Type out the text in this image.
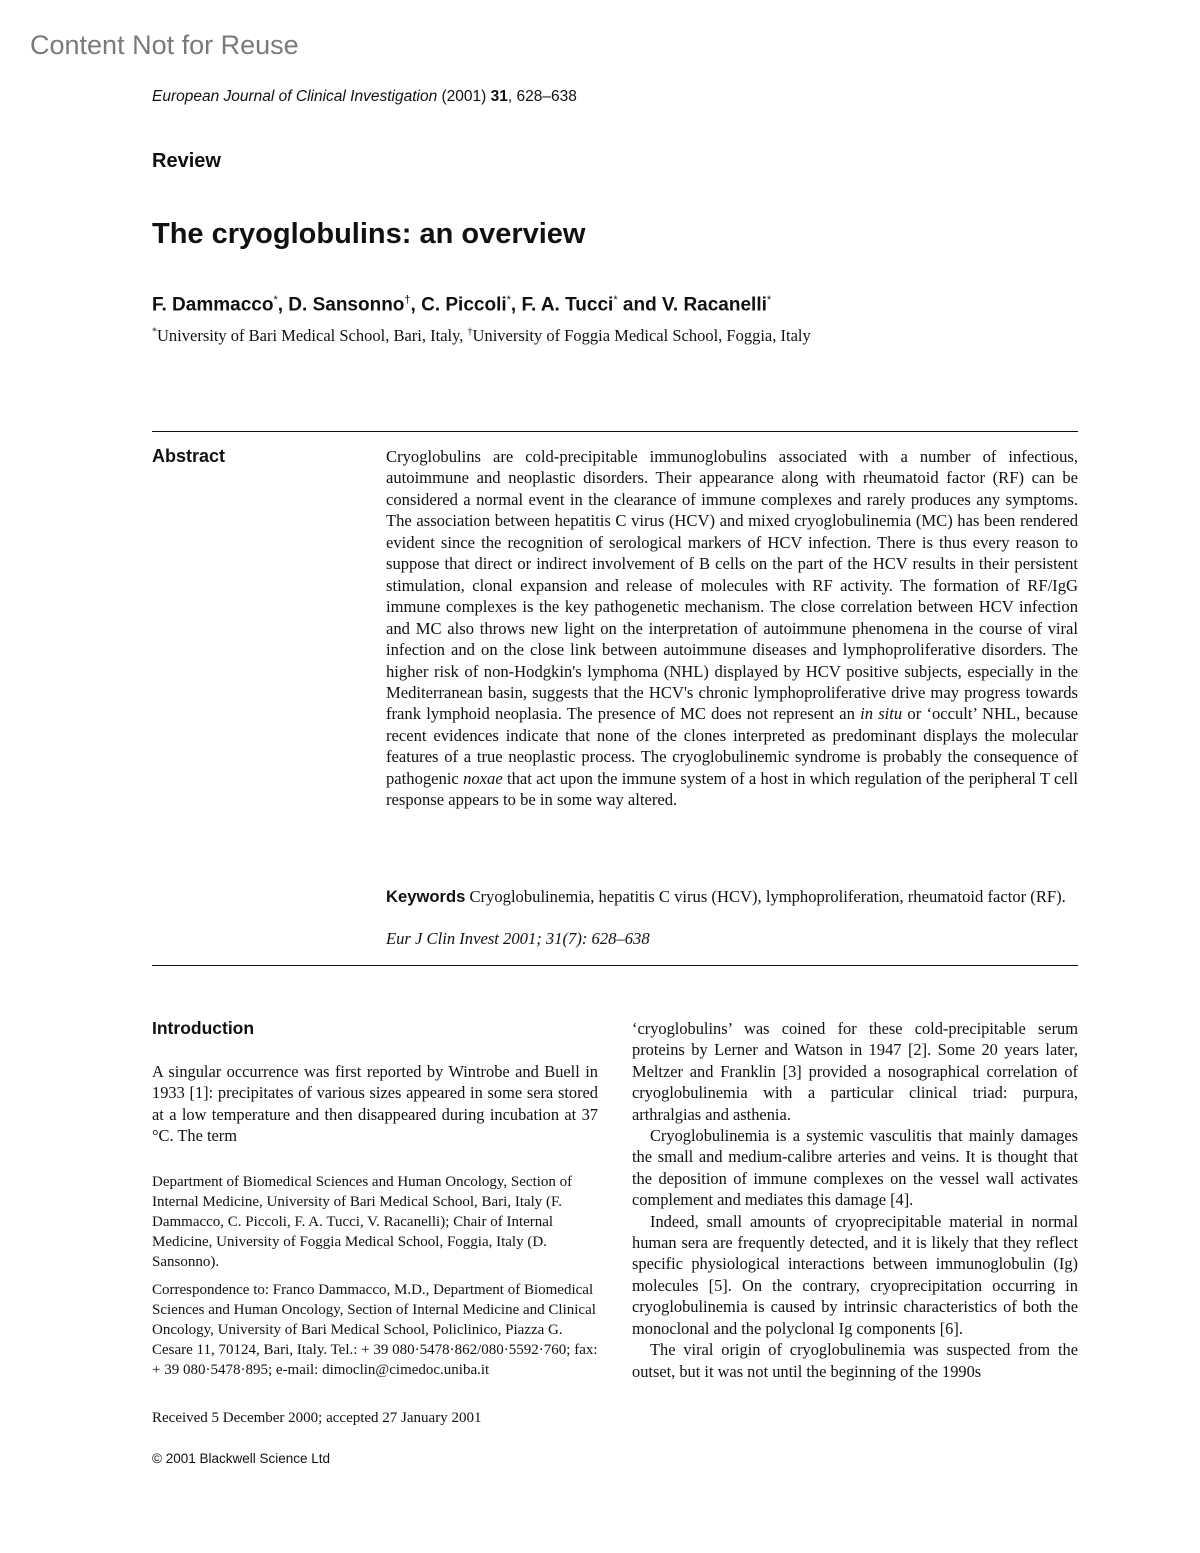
Content Not for Reuse
European Journal of Clinical Investigation (2001) 31, 628–638
Review
The cryoglobulins: an overview
F. Dammacco*, D. Sansonno†, C. Piccoli*, F. A. Tucci* and V. Racanelli*
*University of Bari Medical School, Bari, Italy, †University of Foggia Medical School, Foggia, Italy
Abstract	Cryoglobulins are cold-precipitable immunoglobulins associated with a number of infectious, autoimmune and neoplastic disorders. Their appearance along with rheumatoid factor (RF) can be considered a normal event in the clearance of immune complexes and rarely produces any symptoms. The association between hepatitis C virus (HCV) and mixed cryoglobulinemia (MC) has been rendered evident since the recognition of serological markers of HCV infection. There is thus every reason to suppose that direct or indirect involvement of B cells on the part of the HCV results in their persistent stimulation, clonal expansion and release of molecules with RF activity. The formation of RF/IgG immune complexes is the key pathogenetic mechanism. The close correlation between HCV infection and MC also throws new light on the interpretation of autoimmune phenomena in the course of viral infection and on the close link between autoimmune diseases and lymphoproliferative disorders. The higher risk of non-Hodgkin's lymphoma (NHL) displayed by HCV positive subjects, especially in the Mediterranean basin, suggests that the HCV's chronic lymphoproliferative drive may progress towards frank lymphoid neoplasia. The presence of MC does not represent an in situ or ‘occult’ NHL, because recent evidences indicate that none of the clones interpreted as predominant displays the molecular features of a true neoplastic process. The cryoglobulinemic syndrome is probably the consequence of pathogenic noxae that act upon the immune system of a host in which regulation of the peripheral T cell response appears to be in some way altered.

Keywords Cryoglobulinemia, hepatitis C virus (HCV), lymphoproliferation, rheumatoid factor (RF).

Eur J Clin Invest 2001; 31(7): 628–638
Introduction

A singular occurrence was first reported by Wintrobe and Buell in 1933 [1]: precipitates of various sizes appeared in some sera stored at a low temperature and then disappeared during incubation at 37 °C. The term

‘cryoglobulins’ was coined for these cold-precipitable serum proteins by Lerner and Watson in 1947 [2]. Some 20 years later, Meltzer and Franklin [3] provided a nosographical correlation of cryoglobulinemia with a particular clinical triad: purpura, arthralgias and asthenia.

Cryoglobulinemia is a systemic vasculitis that mainly damages the small and medium-calibre arteries and veins. It is thought that the deposition of immune complexes on the vessel wall activates complement and mediates this damage [4].

Indeed, small amounts of cryoprecipitable material in normal human sera are frequently detected, and it is likely that they reflect specific physiological interactions between immunoglobulin (Ig) molecules [5]. On the contrary, cryoprecipitation occurring in cryoglobulinemia is caused by intrinsic characteristics of both the monoclonal and the polyclonal Ig components [6].

The viral origin of cryoglobulinemia was suspected from the outset, but it was not until the beginning of the 1990s

Department of Biomedical Sciences and Human Oncology, Section of Internal Medicine, University of Bari Medical School, Bari, Italy (F. Dammacco, C. Piccoli, F. A. Tucci, V. Racanelli); Chair of Internal Medicine, University of Foggia Medical School, Foggia, Italy (D. Sansonno).

Correspondence to: Franco Dammacco, M.D., Department of Biomedical Sciences and Human Oncology, Section of Internal Medicine and Clinical Oncology, University of Bari Medical School, Policlinico, Piazza G. Cesare 11, 70124, Bari, Italy. Tel.: + 39 080·5478·862/080·5592·760; fax: + 39 080·5478·895; e-mail: dimoclin@cimedoc.uniba.it

Received 5 December 2000; accepted 27 January 2001

© 2001 Blackwell Science Ltd
